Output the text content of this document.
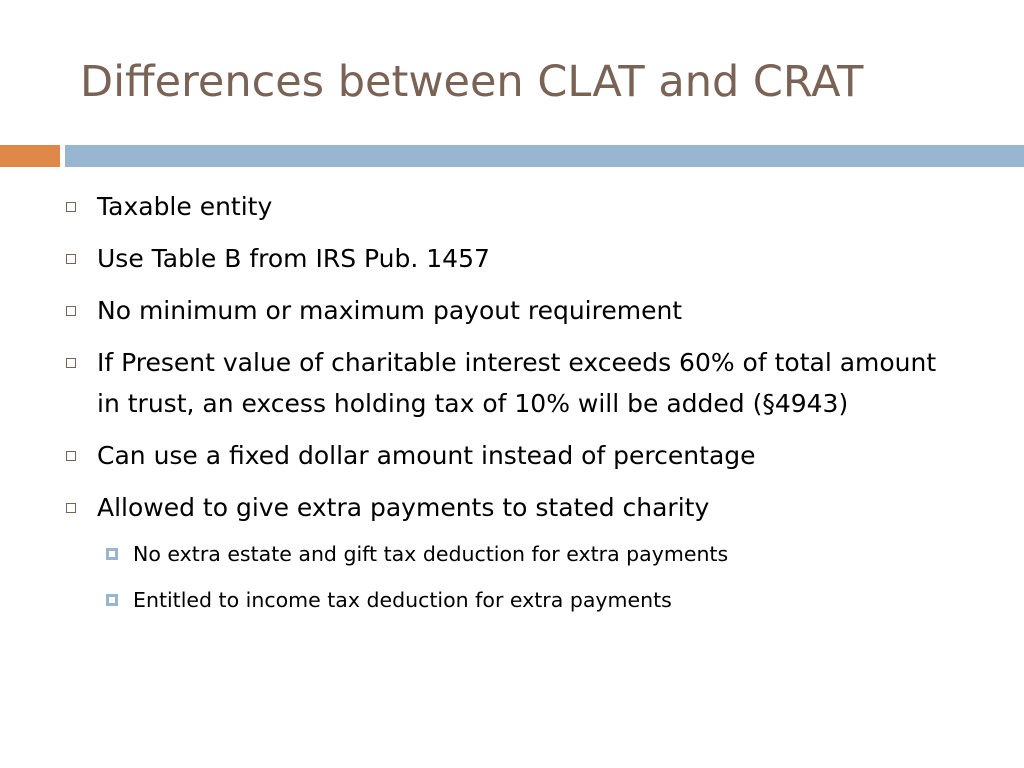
Differences between CLAT and CRAT
Taxable entity
Use Table B from IRS Pub. 1457
No minimum or maximum payout requirement
If Present value of charitable interest exceeds 60% of total amount in trust, an excess holding tax of 10% will be added (§4943)
Can use a fixed dollar amount instead of percentage
Allowed to give extra payments to stated charity
No extra estate and gift tax deduction for extra payments
Entitled to income tax deduction for extra payments
